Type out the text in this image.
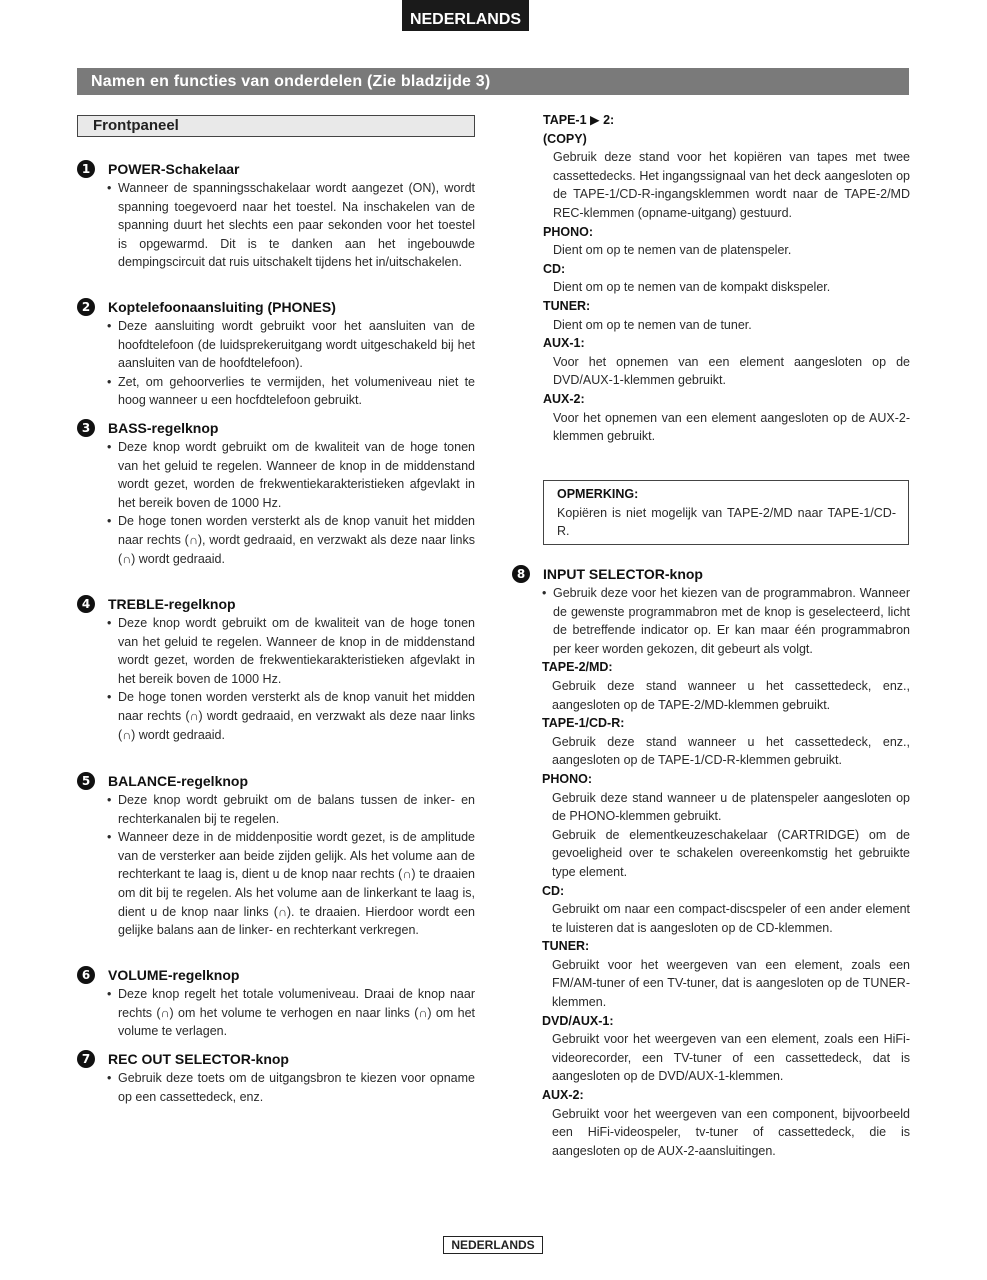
NEDERLANDS
Namen en functies van onderdelen (Zie bladzijde 3)
Frontpaneel
1	POWER-Schakelaar
• Wanneer de spanningsschakelaar wordt aangezet (ON), wordt spanning toegevoerd naar het toestel. Na inschakelen van de spanning duurt het slechts een paar sekonden voor het toestel is opgewarmd. Dit is te danken aan het ingebouwde dempingscircuit dat ruis uitschakelt tijdens het in/uitschakelen.
2	Koptelefoonaansluiting (PHONES)
• Deze aansluiting wordt gebruikt voor het aansluiten van de hoofdtelefoon (de luidsprekeruitgang wordt uitgeschakeld bij het aansluiten van de hoofdtelefoon).
• Zet, om gehoorverlies te vermijden, het volumeniveau niet te hoog wanneer u een hocfdtelefoon gebruikt.
3	BASS-regelknop
• Deze knop wordt gebruikt om de kwaliteit van de hoge tonen van het geluid te regelen. Wanneer de knop in de middenstand wordt gezet, worden de frekwentiekarakteristieken afgevlakt in het bereik boven de 1000 Hz.
• De hoge tonen worden versterkt als de knop vanuit het midden naar rechts (∩), wordt gedraaid, en verzwakt als deze naar links (∩) wordt gedraaid.
4	TREBLE-regelknop
• Deze knop wordt gebruikt om de kwaliteit van de hoge tonen van het geluid te regelen. Wanneer de knop in de middenstand wordt gezet, worden de frekwentiekarakteristieken afgevlakt in het bereik boven de 1000 Hz.
• De hoge tonen worden versterkt als de knop vanuit het midden naar rechts (∩) wordt gedraaid, en verzwakt als deze naar links (∩) wordt gedraaid.
5	BALANCE-regelknop
• Deze knop wordt gebruikt om de balans tussen de inker- en rechterkanalen bij te regelen.
• Wanneer deze in de middenpositie wordt gezet, is de amplitude van de versterker aan beide zijden gelijk. Als het volume aan de rechterkant te laag is, dient u de knop naar rechts (∩) te draaien om dit bij te regelen. Als het volume aan de linkerkant te laag is, dient u de knop naar links (∩). te draaien. Hierdoor wordt een gelijke balans aan de linker- en rechterkant verkregen.
6	VOLUME-regelknop
• Deze knop regelt het totale volumeniveau. Draai de knop naar rechts (∩) om het volume te verhogen en naar links (∩) om het volume te verlagen.
7	REC OUT SELECTOR-knop
• Gebruik deze toets om de uitgangsbron te kiezen voor opname op een cassettedeck, enz.
TAPE-1 ▶ 2:
(COPY)
Gebruik deze stand voor het kopiëren van tapes met twee cassettedecks. Het ingangssignaal van het deck aangesloten op de TAPE-1/CD-R-ingangsklemmen wordt naar de TAPE-2/MD REC-klemmen (opname-uitgang) gestuurd.
PHONO:
Dient om op te nemen van de platenspeler.
CD:
Dient om op te nemen van de kompakt diskspeler.
TUNER:
Dient om op te nemen van de tuner.
AUX-1:
Voor het opnemen van een element aangesloten op de DVD/AUX-1-klemmen gebruikt.
AUX-2:
Voor het opnemen van een element aangesloten op de AUX-2-klemmen gebruikt.
OPMERKING:
Kopiëren is niet mogelijk van TAPE-2/MD naar TAPE-1/CD-R.
8	INPUT SELECTOR-knop
• Gebruik deze voor het kiezen van de programmabron. Wanneer de gewenste programmabron met de knop is geselecteerd, licht de betreffende indicator op. Er kan maar één programmabron per keer worden gekozen, dit gebeurt als volgt.
TAPE-2/MD:
Gebruik deze stand wanneer u het cassettedeck, enz., aangesloten op de TAPE-2/MD-klemmen gebruikt.
TAPE-1/CD-R:
Gebruik deze stand wanneer u het cassettedeck, enz., aangesloten op de TAPE-1/CD-R-klemmen gebruikt.
PHONO:
Gebruik deze stand wanneer u de platenspeler aangesloten op de PHONO-klemmen gebruikt.
Gebruik de elementkeuzeschakelaar (CARTRIDGE) om de gevoeligheid over te schakelen overeenkomstig het gebruikte type element.
CD:
Gebruikt om naar een compact-discspeler of een ander element te luisteren dat is aangesloten op de CD-klemmen.
TUNER:
Gebruikt voor het weergeven van een element, zoals een FM/AM-tuner of een TV-tuner, dat is aangesloten op de TUNER-klemmen.
DVD/AUX-1:
Gebruikt voor het weergeven van een element, zoals een HiFi-videorecorder, een TV-tuner of een cassettedeck, dat is aangesloten op de DVD/AUX-1-klemmen.
AUX-2:
Gebruikt voor het weergeven van een component, bijvoorbeeld een HiFi-videospeler, tv-tuner of cassettedeck, die is aangesloten op de AUX-2-aansluitingen.
NEDERLANDS
